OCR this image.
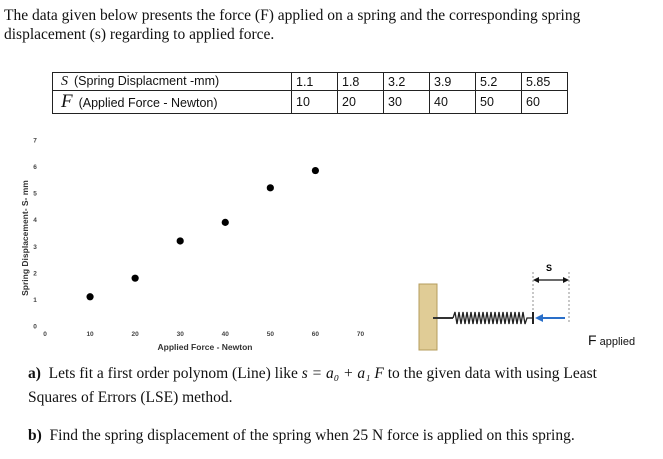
The data given below presents the force (F) applied on a spring and the corresponding spring displacement (s) regarding to applied force.
S (Spring Displacment -mm)	1.1	1.8	3.2	3.9	5.2	5.85
F (Applied Force - Newton)	10	20	30	40	50	60
Spring Displacement- S- mm
Applied Force - Newton
0	10	20	30	40	50	60	70
0
1
2
3
4
5
6
7
S
F applied
a) Lets fit a first order polynom (Line) like s = a₀ + a₁ F to the given data with using Least Squares of Errors (LSE) method.
b) Find the spring displacement of the spring when 25 N force is applied on this spring.
